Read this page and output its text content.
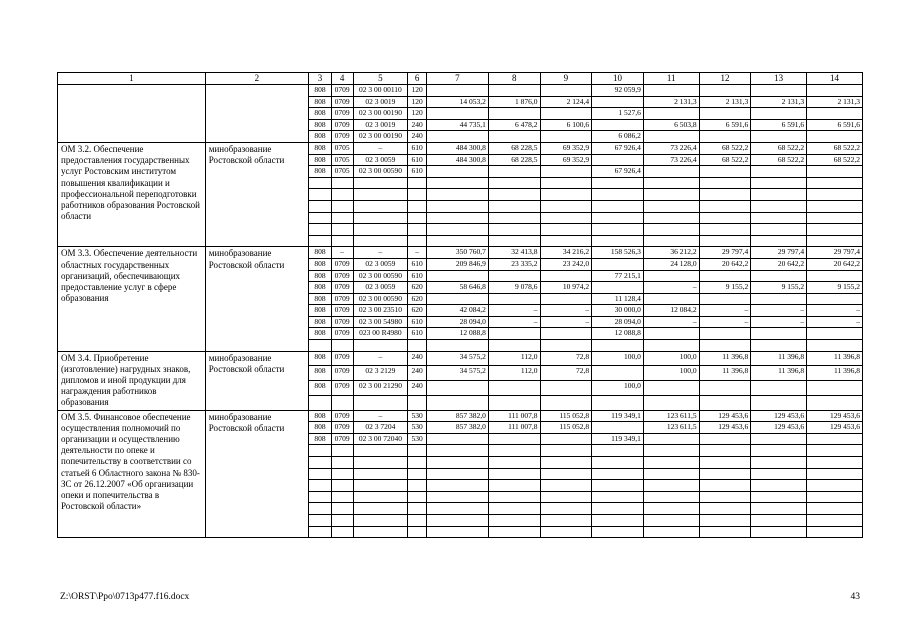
1	2	3	4	5	6	7	8	9	10	11	12	13	14
		808	0709	02 3 00 00110	120				92 059,9				
		808	0709	02 3 0019	120	14 053,2	1 876,0	2 124,4		2 131,3	2 131,3	2 131,3	2 131,3
		808	0709	02 3 00 00190	120				1 527,6				
		808	0709	02 3 0019	240	44 735,1	6 478,2	6 100,6		6 503,8	6 591,6	6 591,6	6 591,6
		808	0709	02 3 00 00190	240				6 086,2				
ОМ 3.2. Обеспечение предоставления государственных услуг Ростовским институтом повышения квалификации и профессиональной переподготовки работников образования Ростовской области	минобразование Ростовской области	808	0705	–	610	484 300,8	68 228,5	69 352,9	67 926,4	73 226,4	68 522,2	68 522,2	68 522,2
		808	0705	02 3 0059	610	484 300,8	68 228,5	69 352,9		73 226,4	68 522,2	68 522,2	68 522,2
		808	0705	02 3 00 00590	610				67 926,4				

ОМ 3.3. Обеспечение деятельности областных государственных организаций, обеспечивающих предоставление услуг в сфере образования	минобразование Ростовской области	808	–	–	–	350 760,7	32 413,8	34 216,2	158 526,3	36 212,2	29 797,4	29 797,4	29 797,4
		808	0709	02 3 0059	610	209 846,9	23 335,2	23 242,0		24 128,0	20 642,2	20 642,2	20 642,2
		808	0709	02 3 00 00590	610				77 215,1				
		808	0709	02 3 0059	620	58 646,8	9 078,6	10 974,2		–	9 155,2	9 155,2	9 155,2
		808	0709	02 3 00 00590	620				11 128,4				
		808	0709	02 3 00 23510	620	42 084,2	–	–	30 000,0	12 084,2	–	–	–
		808	0709	02 3 00 54980	610	28 094,0	–	–	28 094,0	–	–	–	–
		808	0709	023 00 R4980	610	12 088,8			12 088,8				

ОМ 3.4. Приобретение (изготовление) нагрудных знаков, дипломов и иной продукции для награждения работников образования	минобразование Ростовской области	808	0709	–	240	34 575,2	112,0	72,8	100,0	100,0	11 396,8	11 396,8	11 396,8
		808	0709	02 3 2129	240	34 575,2	112,0	72,8		100,0	11 396,8	11 396,8	11 396,8
		808	0709	02 3 00 21290	240				100,0				

ОМ 3.5. Финансовое обеспечение осуществления полномочий по организации и осуществлению деятельности по опеке и попечительству в соответствии со статьей 6 Областного закона № 830-ЗС от 26.12.2007 «Об организации опеки и попечительства в Ростовской области»	минобразование Ростовской области	808	0709	–	530	857 382,0	111 007,8	115 052,8	119 349,1	123 611,5	129 453,6	129 453,6	129 453,6
		808	0709	02 3 7204	530	857 382,0	111 007,8	115 052,8		123 611,5	129 453,6	129 453,6	129 453,6
		808	0709	02 3 00 72040	530				119 349,1				

Z:\ORST\Ppo\0713p477.f16.docx	43
